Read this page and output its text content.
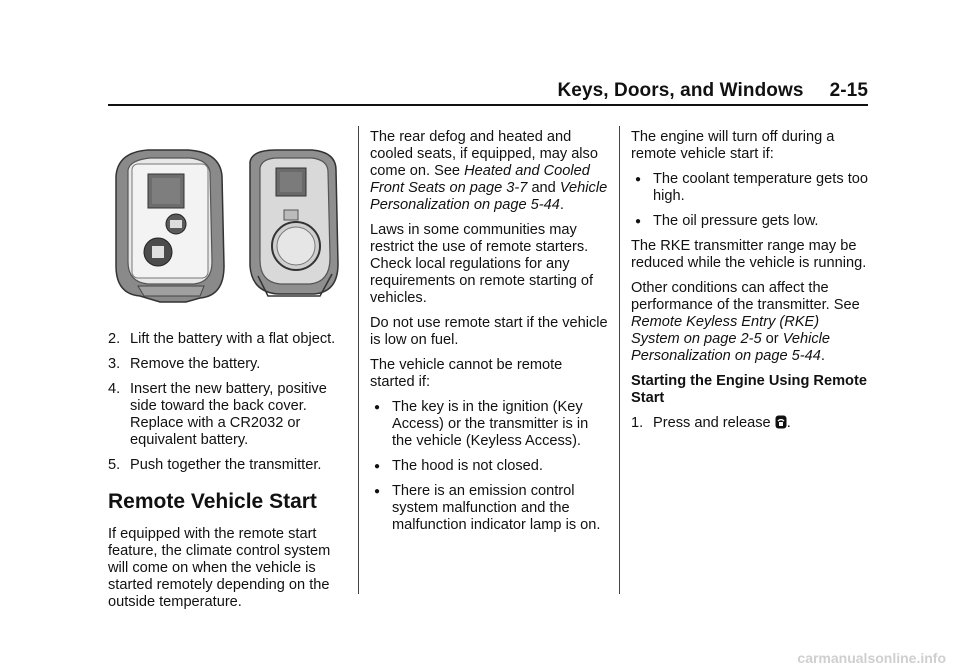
Keys, Doors, and Windows 2-15
2. Lift the battery with a flat object.
3. Remove the battery.
4. Insert the new battery, positive side toward the back cover. Replace with a CR2032 or equivalent battery.
5. Push together the transmitter.
Remote Vehicle Start

If equipped with the remote start feature, the climate control system will come on when the vehicle is started remotely depending on the outside temperature.

The rear defog and heated and cooled seats, if equipped, may also come on. See Heated and Cooled Front Seats on page 3-7 and Vehicle Personalization on page 5-44.

Laws in some communities may restrict the use of remote starters. Check local regulations for any requirements on remote starting of vehicles.

Do not use remote start if the vehicle is low on fuel.

The vehicle cannot be remote started if:

● The key is in the ignition (Key Access) or the transmitter is in the vehicle (Keyless Access).
● The hood is not closed.
● There is an emission control system malfunction and the malfunction indicator lamp is on.

The engine will turn off during a remote vehicle start if:

● The coolant temperature gets too high.
● The oil pressure gets low.

The RKE transmitter range may be reduced while the vehicle is running.

Other conditions can affect the performance of the transmitter. See Remote Keyless Entry (RKE) System on page 2-5 or Vehicle Personalization on page 5-44.

Starting the Engine Using Remote Start

1. Press and release .
carmanualsonline.info
